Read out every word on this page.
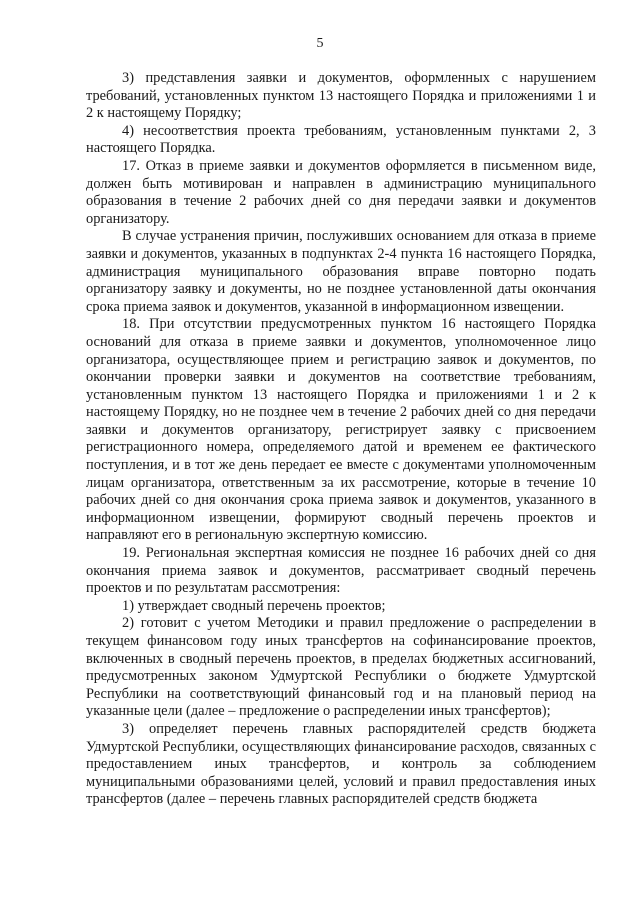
5

3) представления заявки и документов, оформленных с нарушением требований, установленных пунктом 13 настоящего Порядка и приложениями 1 и 2 к настоящему Порядку;

4) несоответствия проекта требованиям, установленным пунктами 2, 3 настоящего Порядка.

17. Отказ в приеме заявки и документов оформляется в письменном виде, должен быть мотивирован и направлен в администрацию муниципального образования в течение 2 рабочих дней со дня передачи заявки и документов организатору.

В случае устранения причин, послуживших основанием для отказа в приеме заявки и документов, указанных в подпунктах 2-4 пункта 16 настоящего Порядка, администрация муниципального образования вправе повторно подать организатору заявку и документы, но не позднее установленной даты окончания срока приема заявок и документов, указанной в информационном извещении.

18. При отсутствии предусмотренных пунктом 16 настоящего Порядка оснований для отказа в приеме заявки и документов, уполномоченное лицо организатора, осуществляющее прием и регистрацию заявок и документов, по окончании проверки заявки и документов на соответствие требованиям, установленным пунктом 13 настоящего Порядка и приложениями 1 и 2 к настоящему Порядку, но не позднее чем в течение 2 рабочих дней со дня передачи заявки и документов организатору, регистрирует заявку с присвоением регистрационного номера, определяемого датой и временем ее фактического поступления, и в тот же день передает ее вместе с документами уполномоченным лицам организатора, ответственным за их рассмотрение, которые в течение 10 рабочих дней со дня окончания срока приема заявок и документов, указанного в информационном извещении, формируют сводный перечень проектов и направляют его в региональную экспертную комиссию.

19. Региональная экспертная комиссия не позднее 16 рабочих дней со дня окончания приема заявок и документов, рассматривает сводный перечень проектов и по результатам рассмотрения:

1) утверждает сводный перечень проектов;

2) готовит с учетом Методики и правил предложение о распределении в текущем финансовом году иных трансфертов на софинансирование проектов, включенных в сводный перечень проектов, в пределах бюджетных ассигнований, предусмотренных законом Удмуртской Республики о бюджете Удмуртской Республики на соответствующий финансовый год и на плановый период на указанные цели (далее – предложение о распределении иных трансфертов);

3) определяет перечень главных распорядителей средств бюджета Удмуртской Республики, осуществляющих финансирование расходов, связанных с предоставлением иных трансфертов, и контроль за соблюдением муниципальными образованиями целей, условий и правил предоставления иных трансфертов (далее – перечень главных распорядителей средств бюджета
